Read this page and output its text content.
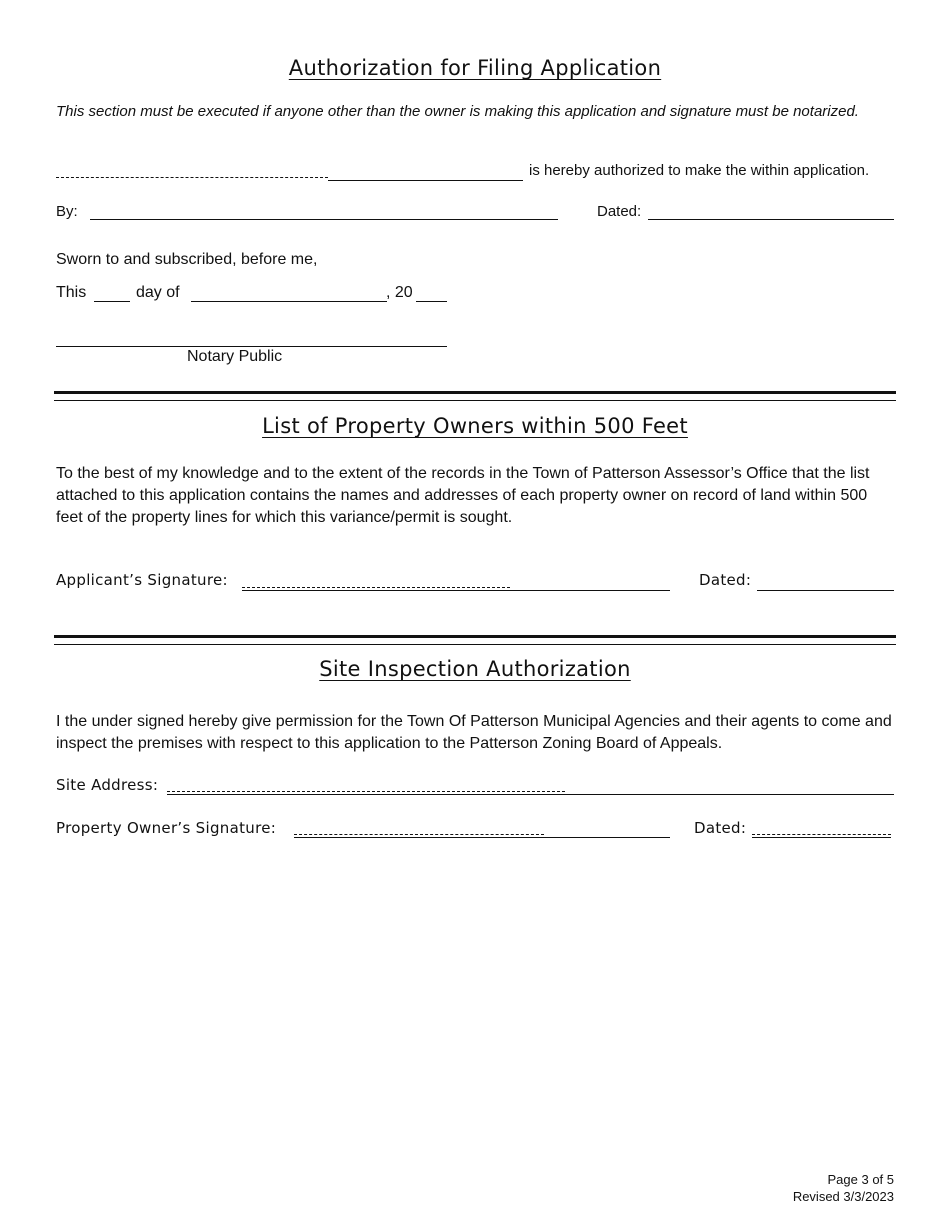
Authorization for Filing Application
This section must be executed if anyone other than the owner is making this application and signature must be notarized.
is hereby authorized to make the within application.
By:	Dated:
Sworn to and subscribed, before me,
This	day of	, 20
Notary Public
List of Property Owners within 500 Feet
To the best of my knowledge and to the extent of the records in the Town of Patterson Assessor’s Office that the list attached to this application contains the names and addresses of each property owner on record of land within 500 feet of the property lines for which this variance/permit is sought.
Applicant’s Signature:	Dated:
Site Inspection Authorization
I the under signed hereby give permission for the Town Of Patterson Municipal Agencies and their agents to come and inspect the premises with respect to this application to the Patterson Zoning Board of Appeals.
Site Address:
Property Owner’s Signature:	Dated:
Page 3 of 5
Revised 3/3/2023
